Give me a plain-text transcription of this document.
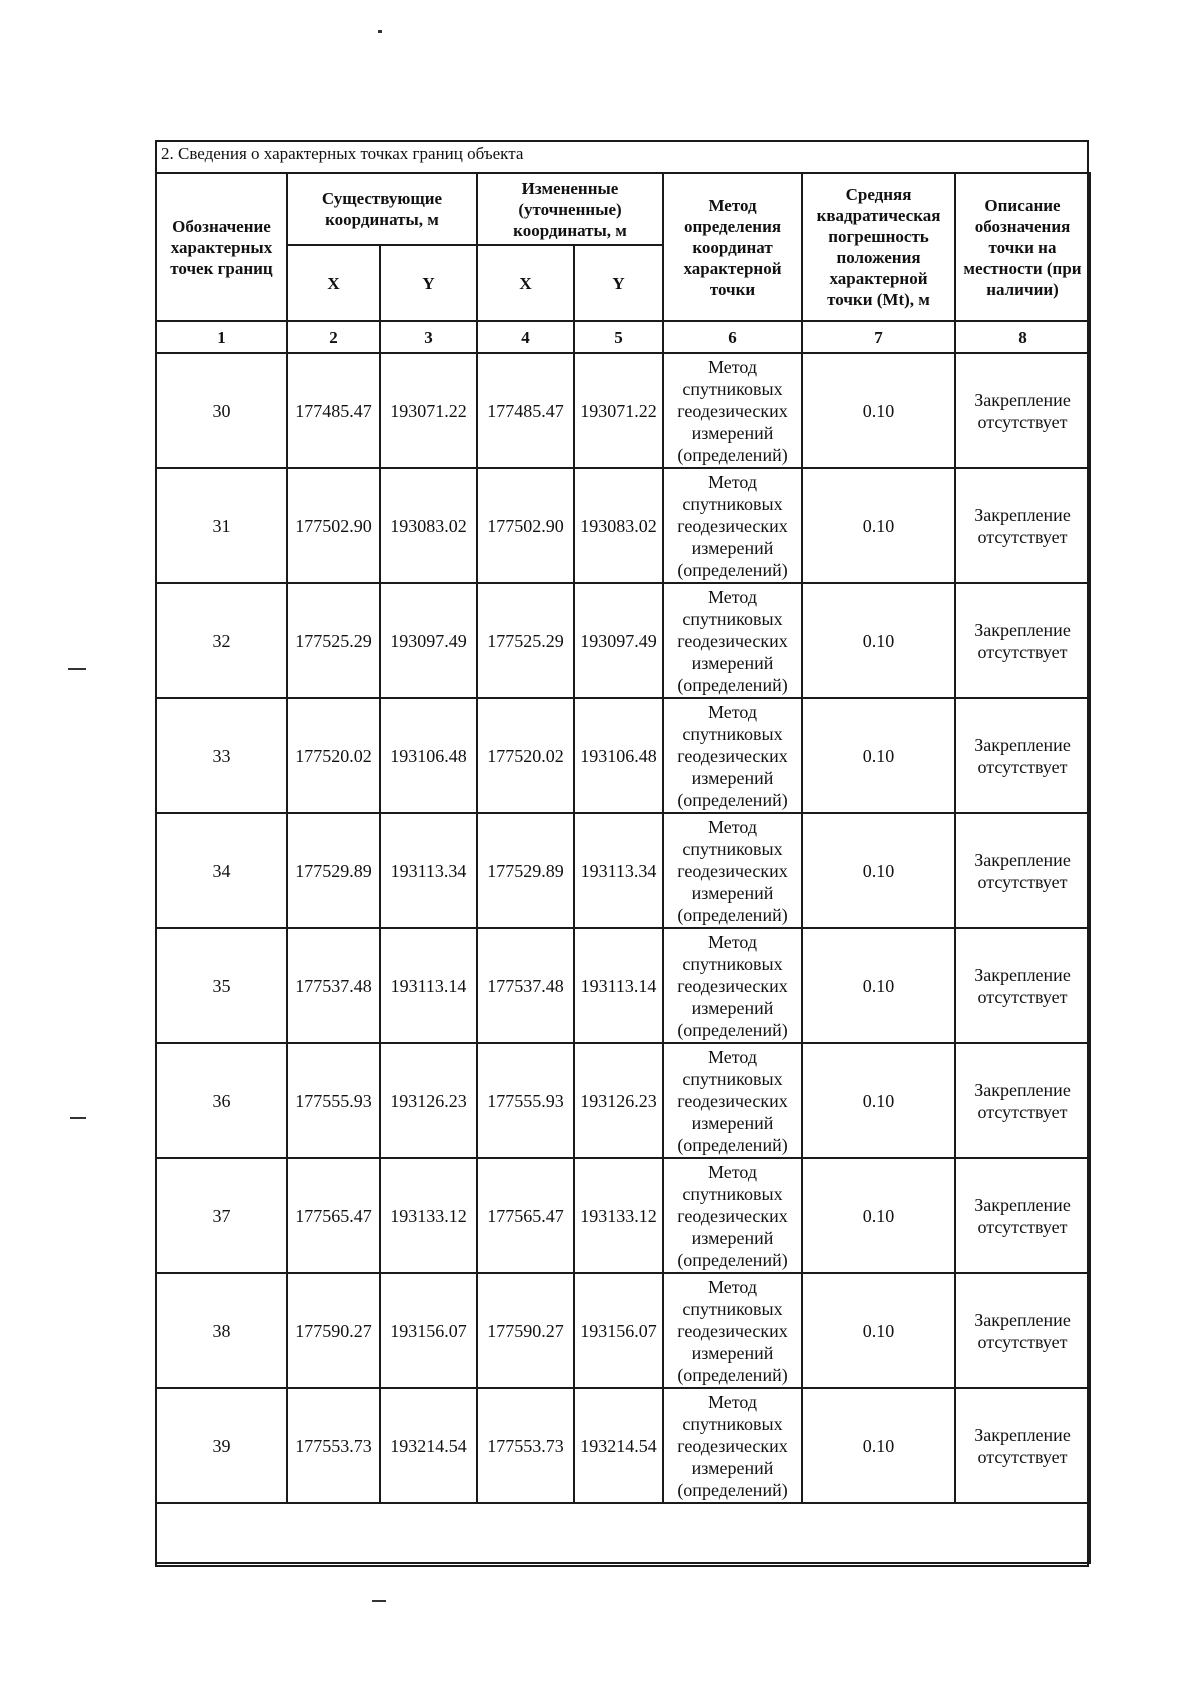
2. Сведения о характерных точках границ объекта
Обозначение характерных точек границ	Существующие координаты, м		Измененные (уточненные) координаты, м		Метод определения координат характерной точки	Средняя квадратическая погрешность положения характерной точки (Mt), м	Описание обозначения точки на местности (при наличии)
	X	Y	X	Y			
1	2	3	4	5	6	7	8
30	177485.47	193071.22	177485.47	193071.22	Метод спутниковых геодезических измерений (определений)	0.10	Закрепление отсутствует
31	177502.90	193083.02	177502.90	193083.02	Метод спутниковых геодезических измерений (определений)	0.10	Закрепление отсутствует
32	177525.29	193097.49	177525.29	193097.49	Метод спутниковых геодезических измерений (определений)	0.10	Закрепление отсутствует
33	177520.02	193106.48	177520.02	193106.48	Метод спутниковых геодезических измерений (определений)	0.10	Закрепление отсутствует
34	177529.89	193113.34	177529.89	193113.34	Метод спутниковых геодезических измерений (определений)	0.10	Закрепление отсутствует
35	177537.48	193113.14	177537.48	193113.14	Метод спутниковых геодезических измерений (определений)	0.10	Закрепление отсутствует
36	177555.93	193126.23	177555.93	193126.23	Метод спутниковых геодезических измерений (определений)	0.10	Закрепление отсутствует
37	177565.47	193133.12	177565.47	193133.12	Метод спутниковых геодезических измерений (определений)	0.10	Закрепление отсутствует
38	177590.27	193156.07	177590.27	193156.07	Метод спутниковых геодезических измерений (определений)	0.10	Закрепление отсутствует
39	177553.73	193214.54	177553.73	193214.54	Метод спутниковых геодезических измерений (определений)	0.10	Закрепление отсутствует
